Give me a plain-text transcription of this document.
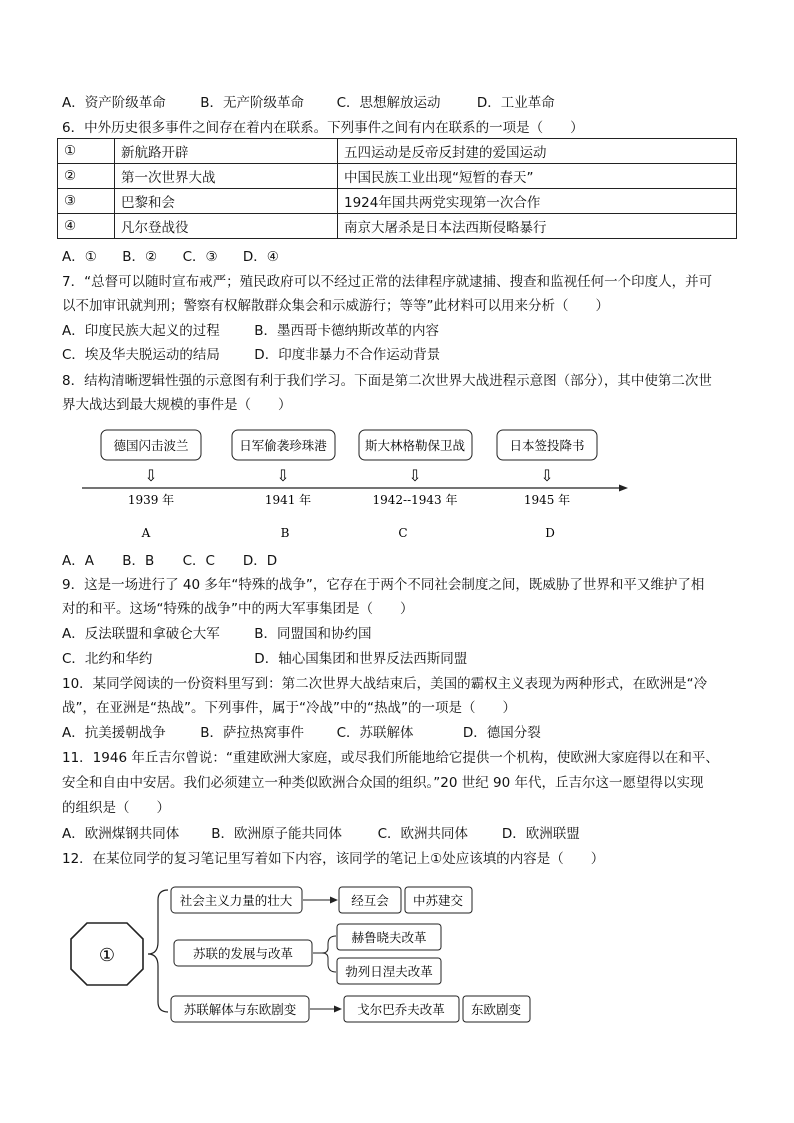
A．资产阶级革命	B．无产阶级革命 C．思想解放运动	D．工业革命
6．中外历史很多事件之间存在着内在联系。下列事件之间有内在联系的一项是（　　）
①	新航路开辟	五四运动是反帝反封建的爱国运动
②	第一次世界大战	中国民族工业出现“短暂的春天”
③	巴黎和会	1924年国共两党实现第一次合作
④	凡尔登战役	南京大屠杀是日本法西斯侵略暴行
A．① B．② C．③ D．④
7．“总督可以随时宣布戒严；殖民政府可以不经过正常的法律程序就逮捕、搜查和监视任何一个印度人，并可
以不加审讯就判刑；警察有权解散群众集会和示威游行；等等”此材料可以用来分析（　　）
A．印度民族大起义的过程	B．墨西哥卡德纳斯改革的内容
C．埃及华夫脱运动的结局	D．印度非暴力不合作运动背景
8．结构清晰逻辑性强的示意图有利于我们学习。下面是第二次世界大战进程示意图（部分），其中使第二次世
界大战达到最大规模的事件是（　　）
德国闪击波兰
⇩
1939 年
A
日军偷袭珍珠港
⇩
1941 年
B
斯大林格勒保卫战
⇩
1942--1943 年
C
日本签投降书
⇩
1945 年
D
A．A B．B C．C D．D
9．这是一场进行了 40 多年“特殊的战争”，它存在于两个不同社会制度之间，既威胁了世界和平又维护了相
对的和平。这场“特殊的战争”中的两大军事集团是（　　）
A．反法联盟和拿破仑大军	B．同盟国和协约国
C．北约和华约	D．轴心国集团和世界反法西斯同盟
10．某同学阅读的一份资料里写到：第二次世界大战结束后，美国的霸权主义表现为两种形式，在欧洲是“冷
战”，在亚洲是“热战”。下列事件，属于“冷战”中的“热战”的一项是（　　）
A．抗美援朝战争	B．萨拉热窝事件 C．苏联解体	D．德国分裂
11．1946 年丘吉尔曾说：“重建欧洲大家庭，或尽我们所能地给它提供一个机构，使欧洲大家庭得以在和平、
安全和自由中安居。我们必须建立一种类似欧洲合众国的组织。”20 世纪 90 年代，丘吉尔这一愿望得以实现
的组织是（　　）
A．欧洲煤钢共同体 B．欧洲原子能共同体	C．欧洲共同体	D．欧洲联盟
12．在某位同学的复习笔记里写着如下内容，该同学的笔记上①处应该填的内容是（　　）
①
社会主义力量的壮大	经互会 中苏建交
苏联的发展与改革
赫鲁晓夫改革
勃列日涅夫改革
苏联解体与东欧剧变	戈尔巴乔夫改革 东欧剧变
